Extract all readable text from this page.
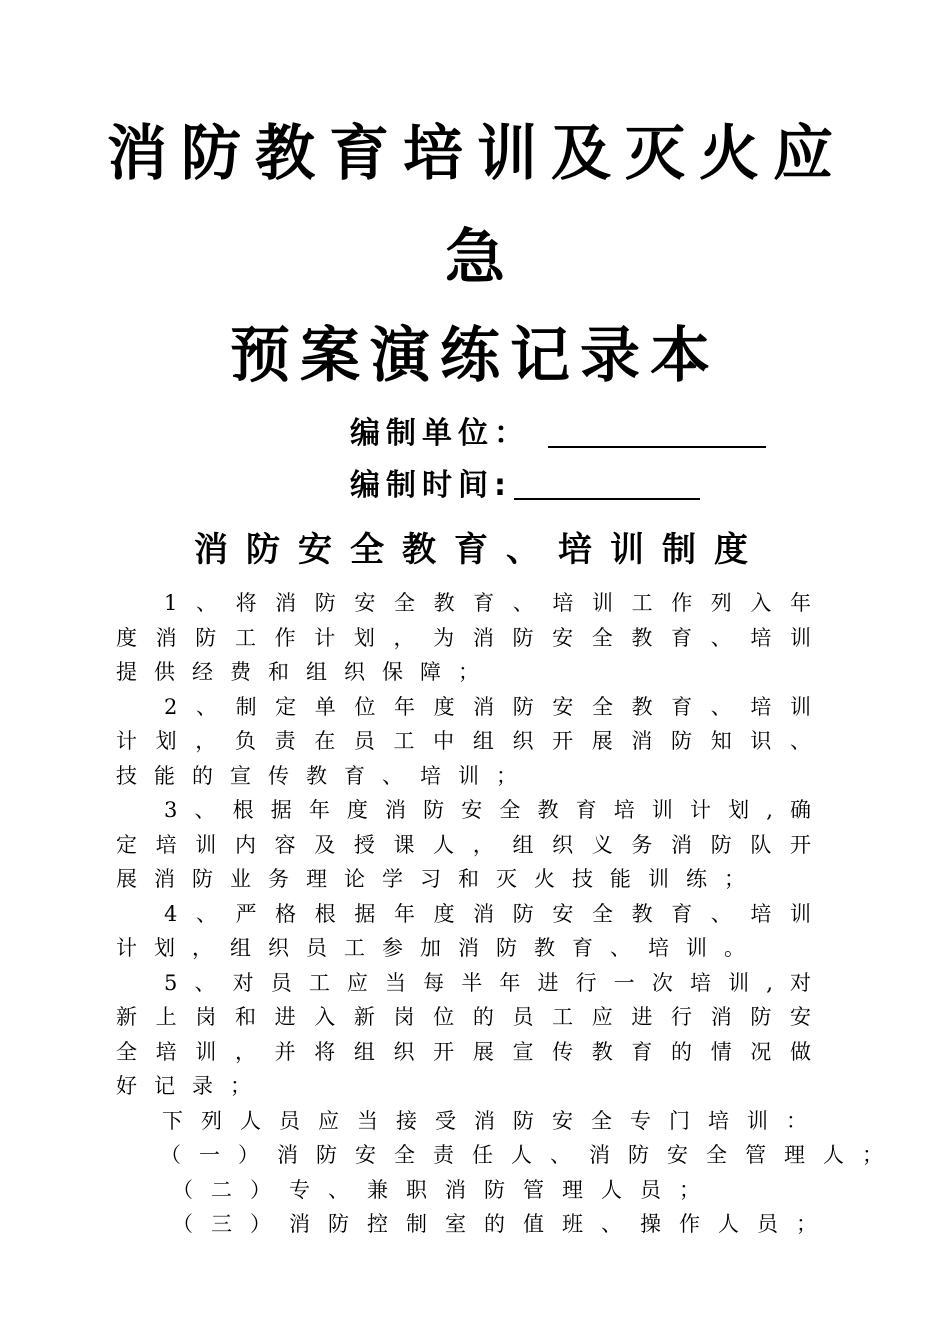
消防教育培训及灭火应
急
预案演练记录本
编制单位：
编制时间:
消防安全教育、培训制度

1、将消防安全教育、培训工作列入年度消防工作计划，为消防安全教育、培训提供经费和组织保障；

2、制定单位年度消防安全教育、培训计划，负责在员工中组织开展消防知识、技能的宣传教育、培训；

3、根据年度消防安全教育培训计划,确定培训内容及授课人，组织义务消防队开展消防业务理论学习和灭火技能训练；

4、严格根据年度消防安全教育、培训计划，组织员工参加消防教育、培训。

5、对员工应当每半年进行一次培训,对新上岗和进入新岗位的员工应进行消防安全培训，并将组织开展宣传教育的情况做好记录；

下列人员应当接受消防安全专门培训：

（一）消防安全责任人、消防安全管理人；

（二）专、兼职消防管理人员；

（三）消防控制室的值班、操作人员；
